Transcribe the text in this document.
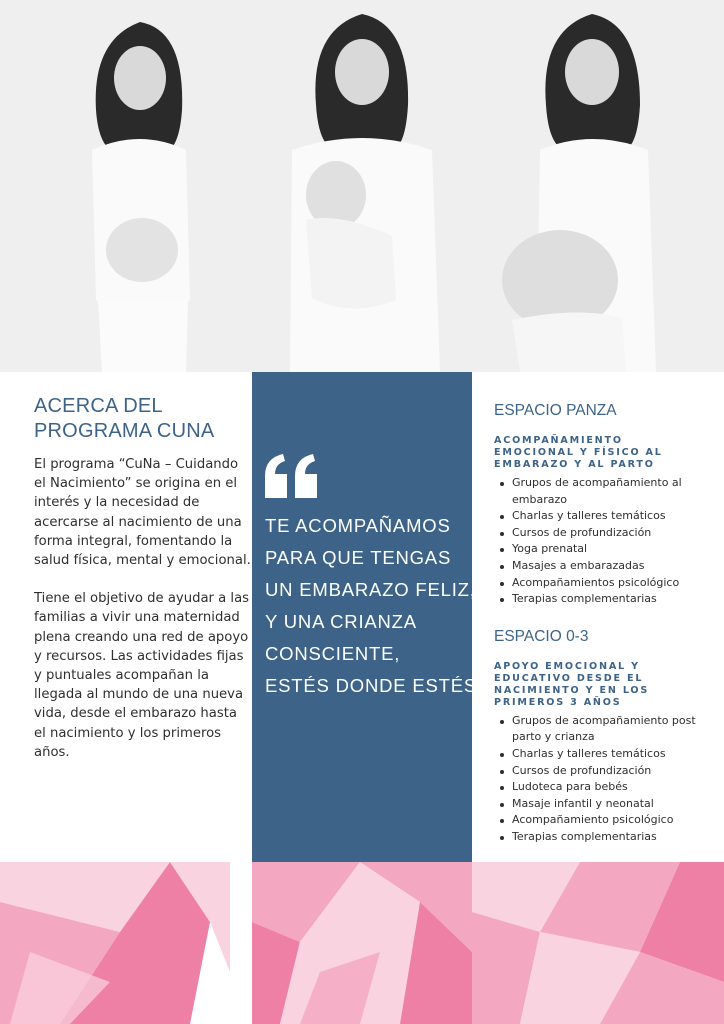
ACERCA DEL
PROGRAMA CUNA

El programa “CuNa – Cuidando el Nacimiento” se origina en el interés y la necesidad de acercarse al nacimiento de una forma integral, fomentando la salud física, mental y emocional.

Tiene el objetivo de ayudar a las familias a vivir una maternidad plena creando una red de apoyo y recursos. Las actividades fijas y puntuales acompañan la llegada al mundo de una nueva vida, desde el embarazo hasta el nacimiento y los primeros años.

TE ACOMPAÑAMOS
PARA QUE TENGAS
UN EMBARAZO FELIZ,
Y UNA CRIANZA
CONSCIENTE,
ESTÉS DONDE ESTÉS.
ESPACIO PANZA
ACOMPAÑAMIENTO EMOCIONAL Y FÍSICO AL EMBARAZO Y AL PARTO
Grupos de acompañamiento al embarazo
Charlas y talleres temáticos
Cursos de profundización
Yoga prenatal
Masajes a embarazadas
Acompañamientos psicológico
Terapias complementarias
ESPACIO 0-3
APOYO EMOCIONAL Y EDUCATIVO DESDE EL NACIMIENTO Y EN LOS PRIMEROS 3 AÑOS
Grupos de acompañamiento post parto y crianza
Charlas y talleres temáticos
Cursos de profundización
Ludoteca para bebés
Masaje infantil y neonatal
Acompañamiento psicológico
Terapias complementarias
